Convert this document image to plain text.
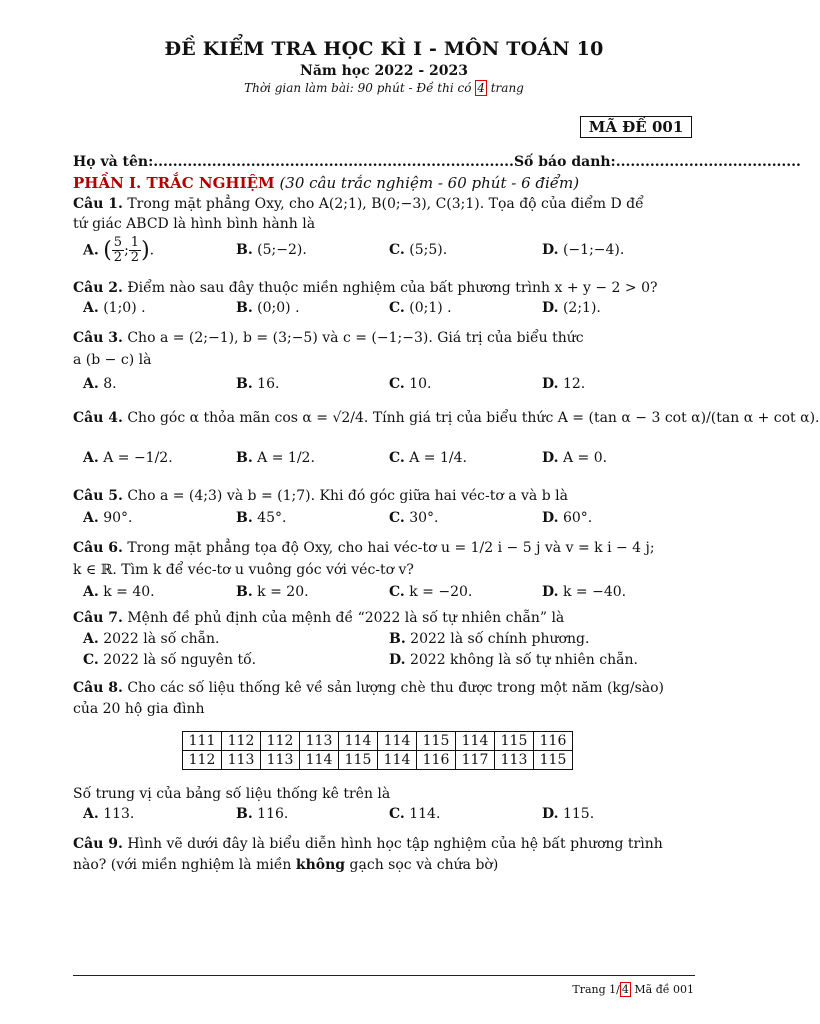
ĐỀ KIỂM TRA HỌC KÌ I - MÔN TOÁN 10
Năm học 2022 - 2023
Thời gian làm bài: 90 phút - Đề thi có 4 trang
MÃ ĐỀ 001
Họ và tên:..........................................................................Số báo danh:......................................
PHẦN I. TRẮC NGHIỆM (30 câu trắc nghiệm - 60 phút - 6 điểm)
Câu 1. Trong mặt phẳng Oxy, cho A(2;1), B(0;−3), C(3;1). Tọa độ của điểm D để
tứ giác ABCD là hình bình hành là
A. ( $\frac{5}{2}$ ; $\frac{1}{2}$ ).	B. (5;−2).	C. (5;5).	D. (−1;−4).
Câu 2. Điểm nào sau đây thuộc miền nghiệm của bất phương trình x + y − 2 > 0?
A. (1;0) .	B. (0;0) .	C. (0;1) .	D. (2;1).
Câu 3. Cho a = (2;−1), b = (3;−5) và c = (−1;−3). Giá trị của biểu thức
a (b − c) là
A. 8.	B. 16.	C. 10.	D. 12.
Câu 4. Cho góc α thỏa mãn cos α = √2/4. Tính giá trị của biểu thức A = (tan α − 3 cot α)/(tan α + cot α).
A. A = −1/2.	B. A = 1/2.	C. A = 1/4.	D. A = 0.
Câu 5. Cho a = (4;3) và b = (1;7). Khi đó góc giữa hai véc-tơ a và b là
A. 90°.	B. 45°.	C. 30°.	D. 60°.
Câu 6. Trong mặt phẳng tọa độ Oxy, cho hai véc-tơ u = 1/2 i − 5 j và v = k i − 4 j;
k ∈ ℝ. Tìm k để véc-tơ u vuông góc với véc-tơ v?
A. k = 40.	B. k = 20.	C. k = −20.	D. k = −40.
Câu 7. Mệnh đề phủ định của mệnh đề “2022 là số tự nhiên chẵn” là
A. 2022 là số chẵn.	B. 2022 là số chính phương.
C. 2022 là số nguyên tố.	D. 2022 không là số tự nhiên chẵn.
Câu 8. Cho các số liệu thống kê về sản lượng chè thu được trong một năm (kg/sào)
của 20 hộ gia đình
111	112	112	113	114	114	115	114	115	116
112	113	113	114	115	114	116	117	113	115
Số trung vị của bảng số liệu thống kê trên là
A. 113.	B. 116.	C. 114.	D. 115.
Câu 9. Hình vẽ dưới đây là biểu diễn hình học tập nghiệm của hệ bất phương trình
nào? (với miền nghiệm là miền không gạch sọc và chứa bờ)
Trang 1/ 4 Mã đề 001
